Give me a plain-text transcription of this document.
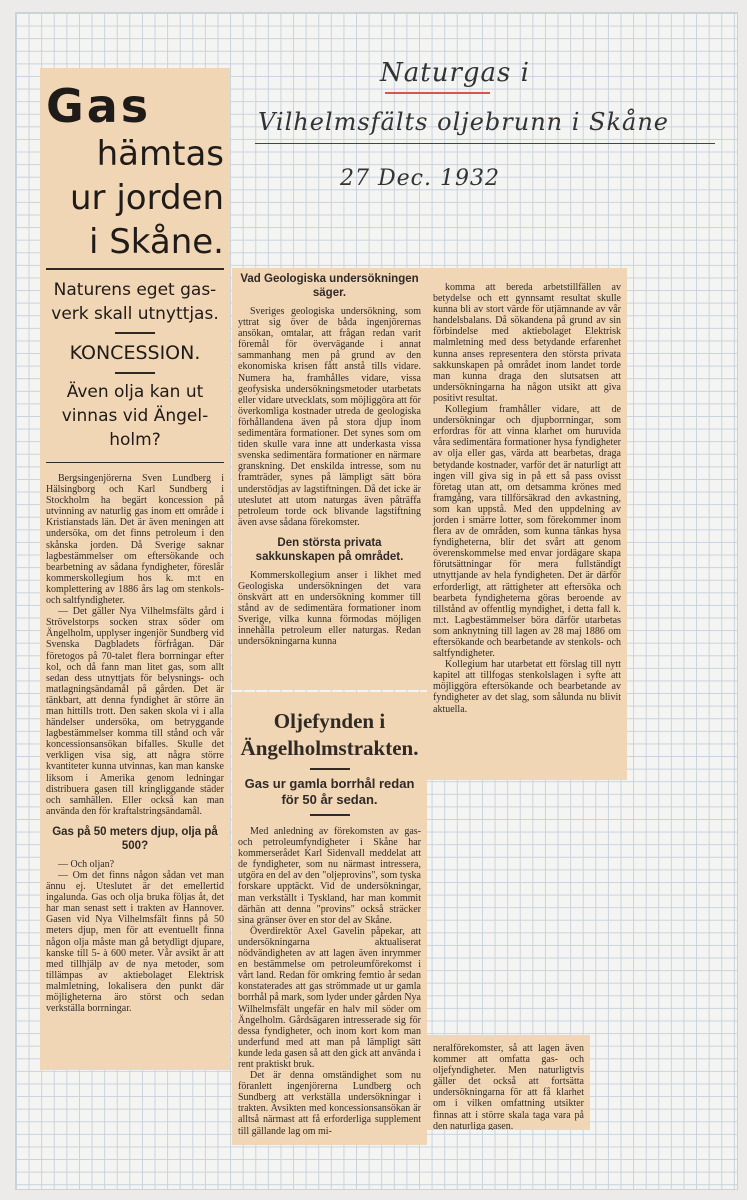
Naturgas i
Vilhelmsfälts oljebrunn i Skåne
27 Dec. 1932
Gas
hämtas
ur jorden
i Skåne.
Naturens eget gas-verk skall utnyttjas.
KONCESSION.
Även olja kan ut vinnas vid Ängel-holm?

Bergsingenjörerna Sven Lundberg i Hälsingborg och Karl Sundberg i Stockholm ha begärt koncession på utvinning av naturlig gas inom ett område i Kristianstads län. Det är även meningen att undersöka, om det finns petroleum i den skånska jorden. Då Sverige saknar lagbestämmelser om eftersökande och bearbetning av sådana fyndigheter, föreslår kommerskollegium hos k. m:t en komplettering av 1886 års lag om stenkols- och saltfyndigheter.

— Det gäller Nya Vilhelmsfälts gård i Strövelstorps socken strax söder om Ängelholm, upplyser ingenjör Sundberg vid Svenska Dagbladets förfrågan. Där företogos på 70-talet flera borrningar efter kol, och då fann man litet gas, som allt sedan dess utnyttjats för belysnings- och matlagningsändamål på gården. Det är tänkbart, att denna fyndighet är större än man hittills trott. Den saken skola vi i alla händelser undersöka, om betryggande lagbestämmelser komma till stånd och vår koncessionsansökan bifalles. Skulle det verkligen visa sig, att några större kvantiteter kunna utvinnas, kan man kanske liksom i Amerika genom ledningar distribuera gasen till kringliggande städer och samhällen. Eller också kan man använda den för kraftalstringsändamål.

Gas på 50 meters djup, olja på 500?

— Och oljan?

— Om det finns någon sådan vet man ännu ej. Uteslutet är det emellertid ingalunda. Gas och olja bruka följas åt, det har man senast sett i trakten av Hannover. Gasen vid Nya Vilhelmsfält finns på 50 meters djup, men för att eventuellt finna någon olja måste man gå betydligt djupare, kanske till 5- à 600 meter. Vår avsikt är att med tillhjälp av de nya metoder, som tillämpas av aktiebolaget Elektrisk malmletning, lokalisera den punkt där möjligheterna äro störst och sedan verkställa borrningar.

Vad Geologiska undersökningen säger.

Sveriges geologiska undersökning, som yttrat sig över de båda ingenjörernas ansökan, omtalar, att frågan redan varit föremål för övervägande i annat sammanhang men på grund av den ekonomiska krisen fått anstå tills vidare. Numera ha, framhålles vidare, vissa geofysiska undersökningsmetoder utarbetats eller vidare utvecklats, som möjliggöra att för överkomliga kostnader utreda de geologiska förhållandena även på stora djup inom sedimentära formationer. Det synes som om tiden skulle vara inne att underkasta vissa svenska sedimentära formationer en närmare granskning. Det enskilda intresse, som nu framträder, synes på lämpligt sätt böra understödjas av lagstiftningen. Då det icke är uteslutet att utom naturgas även påträffa petroleum torde ock blivande lagstiftning även avse sådana förekomster.

Den största privata sakkunskapen på området.

Kommerskollegium anser i likhet med Geologiska undersökningen det vara önskvärt att en undersökning kommer till stånd av de sedimentära formationer inom Sverige, vilka kunna förmodas möjligen innehålla petroleum eller naturgas. Redan undersökningarna kunna

Oljefynden i Ängelholmstrakten.
Gas ur gamla borrhål redan för 50 år sedan.

Med anledning av förekomsten av gas- och petroleumfyndigheter i Skåne har kommerserådet Karl Sidenvall meddelat att de fyndigheter, som nu närmast intressera, utgöra en del av den "oljeprovins", som tyska forskare upptäckt. Vid de undersökningar, man verkställt i Tyskland, har man kommit därhän att denna "provins" också sträcker sina gränser över en stor del av Skåne.

Överdirektör Axel Gavelin påpekar, att undersökningarna aktualiserat nödvändigheten av att lagen även inrymmer en bestämmelse om petroleumförekomst i vårt land. Redan för omkring femtio år sedan konstaterades att gas strömmade ut ur gamla borrhål på mark, som lyder under gården Nya Wilhelmsfält ungefär en halv mil söder om Ängelholm. Gårdsägaren intresserade sig för dessa fyndigheter, och inom kort kom man underfund med att man på lämpligt sätt kunde leda gasen så att den gick att använda i rent praktiskt bruk.

Det är denna omständighet som nu föranlett ingenjörerna Lundberg och Sundberg att verkställa undersökningar i trakten. Avsikten med koncessionsansökan är alltså närmast att få erforderliga supplement till gällande lag om mi-

komma att bereda arbetstillfällen av betydelse och ett gynnsamt resultat skulle kunna bli av stort värde för utjämnande av vår handelsbalans. Då sökandena på grund av sin förbindelse med aktiebolaget Elektrisk malmletning med dess betydande erfarenhet kunna anses representera den största privata sakkunskapen på området inom landet torde man kunna draga den slutsatsen att undersökningarna ha någon utsikt att giva positivt resultat.

Kollegium framhåller vidare, att de undersökningar och djupborrningar, som erfordras för att vinna klarhet om huruvida våra sedimentära formationer hysa fyndigheter av olja eller gas, värda att bearbetas, draga betydande kostnader, varför det är naturligt att ingen vill giva sig in på ett så pass ovisst företag utan att, om detsamma krönes med framgång, vara tillförsäkrad den avkastning, som kan uppstå. Med den uppdelning av jorden i smärre lotter, som förekommer inom flera av de områden, som kunna tänkas hysa fyndigheterna, blir det svårt att genom överenskommelse med envar jordägare skapa förutsättningar för mera fullständigt utnyttjande av hela fyndigheten. Det är därför erforderligt, att rättigheter att eftersöka och bearbeta fyndigheterna göras beroende av tillstånd av offentlig myndighet, i detta fall k. m:t. Lagbestämmelser böra därför utarbetas som anknytning till lagen av 28 maj 1886 om eftersökande och bearbetande av stenkols- och saltfyndigheter.

Kollegium har utarbetat ett förslag till nytt kapitel att tillfogas stenkolslagen i syfte att möjliggöra eftersökande och bearbetande av fyndigheter av det slag, som sålunda nu blivit aktuella.

neralförekomster, så att lagen även kommer att omfatta gas- och oljefyndigheter. Men naturligtvis gäller det också att fortsätta undersökningarna för att få klarhet om i vilken omfattning utsikter finnas att i större skala taga vara på den naturliga gasen.
